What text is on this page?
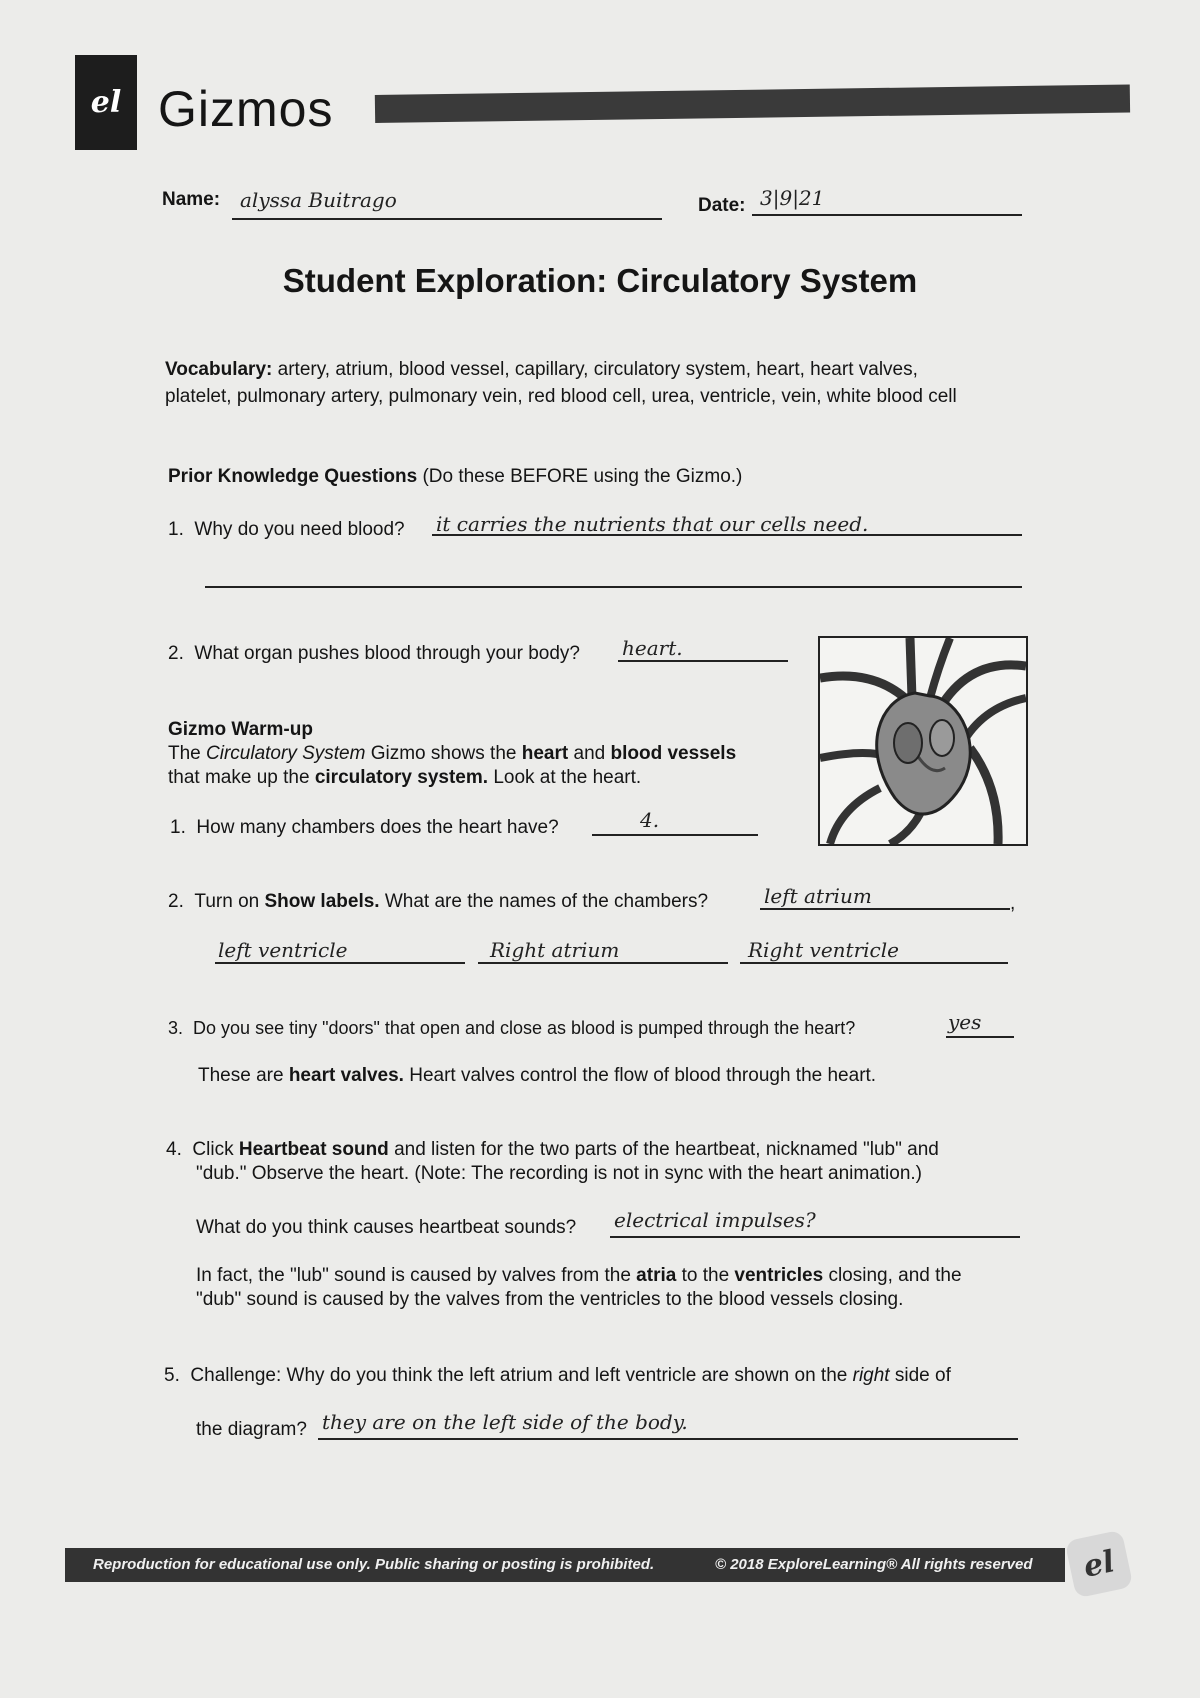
el Gizmos
Name: alyssa Buitrago	Date: 3|9|21
Student Exploration: Circulatory System
Vocabulary: artery, atrium, blood vessel, capillary, circulatory system, heart, heart valves,
platelet, pulmonary artery, pulmonary vein, red blood cell, urea, ventricle, vein, white blood cell
Prior Knowledge Questions (Do these BEFORE using the Gizmo.)
1. Why do you need blood? it carries the nutrients that our cells need.
2. What organ pushes blood through your body? heart.
Gizmo Warm-up
The Circulatory System Gizmo shows the heart and blood vessels
that make up the circulatory system. Look at the heart.
1. How many chambers does the heart have?	4.
2. Turn on Show labels. What are the names of the chambers?	left atrium	,
left ventricle	Right atrium	Right ventricle
3. Do you see tiny "doors" that open and close as blood is pumped through the heart?	yes
These are heart valves. Heart valves control the flow of blood through the heart.
4. Click Heartbeat sound and listen for the two parts of the heartbeat, nicknamed "lub" and
"dub." Observe the heart. (Note: The recording is not in sync with the heart animation.)
What do you think causes heartbeat sounds? electrical impulses?
In fact, the "lub" sound is caused by valves from the atria to the ventricles closing, and the
"dub" sound is caused by the valves from the ventricles to the blood vessels closing.
5. Challenge: Why do you think the left atrium and left ventricle are shown on the right side of
the diagram? they are on the left side of the body.
Reproduction for educational use only. Public sharing or posting is prohibited.	© 2018 ExploreLearning® All rights reserved el
